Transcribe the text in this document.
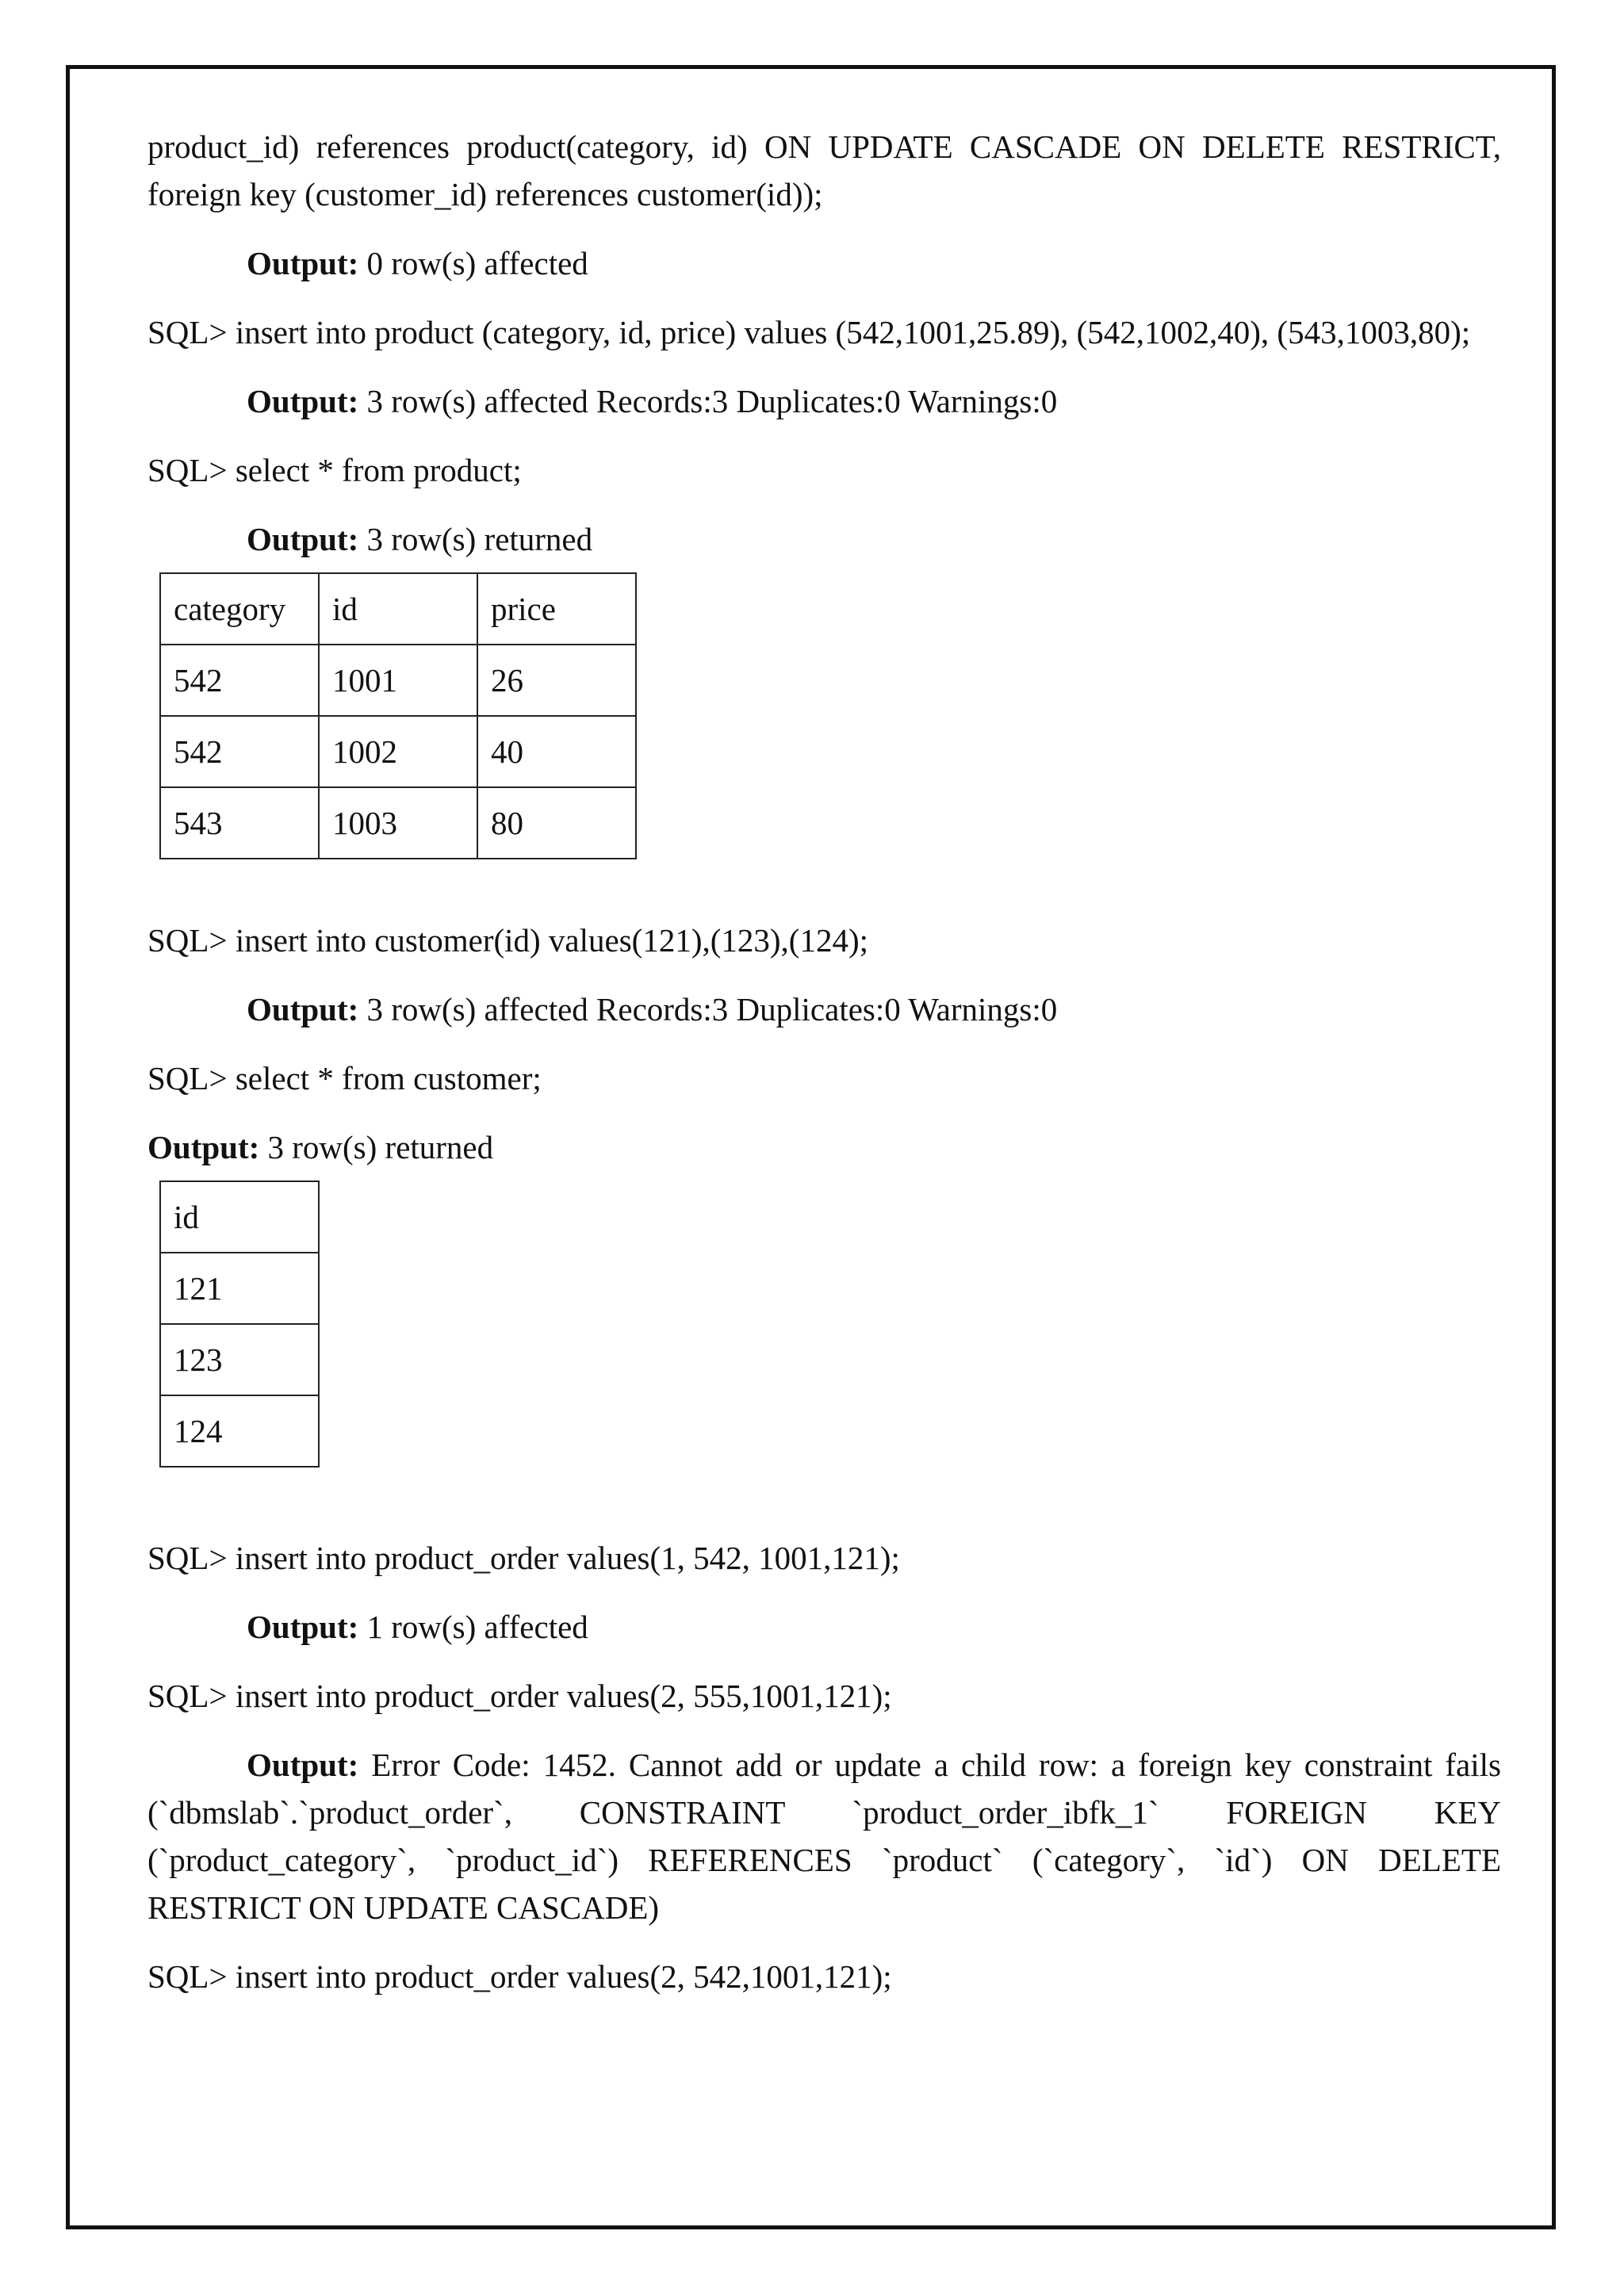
product_id) references product(category, id) ON UPDATE CASCADE ON DELETE RESTRICT, foreign key (customer_id) references customer(id));

Output: 0 row(s) affected

SQL> insert into product (category, id, price) values (542,1001,25.89), (542,1002,40), (543,1003,80);

Output: 3 row(s) affected Records:3 Duplicates:0 Warnings:0

SQL> select * from product;

Output: 3 row(s) returned

category	id	price
542	1001	26
542	1002	40
543	1003	80

SQL> insert into customer(id) values(121),(123),(124);

Output: 3 row(s) affected Records:3 Duplicates:0 Warnings:0

SQL> select * from customer;

Output: 3 row(s) returned

id
121
123
124

SQL> insert into product_order values(1, 542, 1001,121);

Output: 1 row(s) affected

SQL> insert into product_order values(2, 555,1001,121);

Output: Error Code: 1452. Cannot add or update a child row: a foreign key constraint fails (`dbmslab`.`product_order`, CONSTRAINT `product_order_ibfk_1` FOREIGN KEY (`product_category`, `product_id`) REFERENCES `product` (`category`, `id`) ON DELETE RESTRICT ON UPDATE CASCADE)

SQL> insert into product_order values(2, 542,1001,121);
